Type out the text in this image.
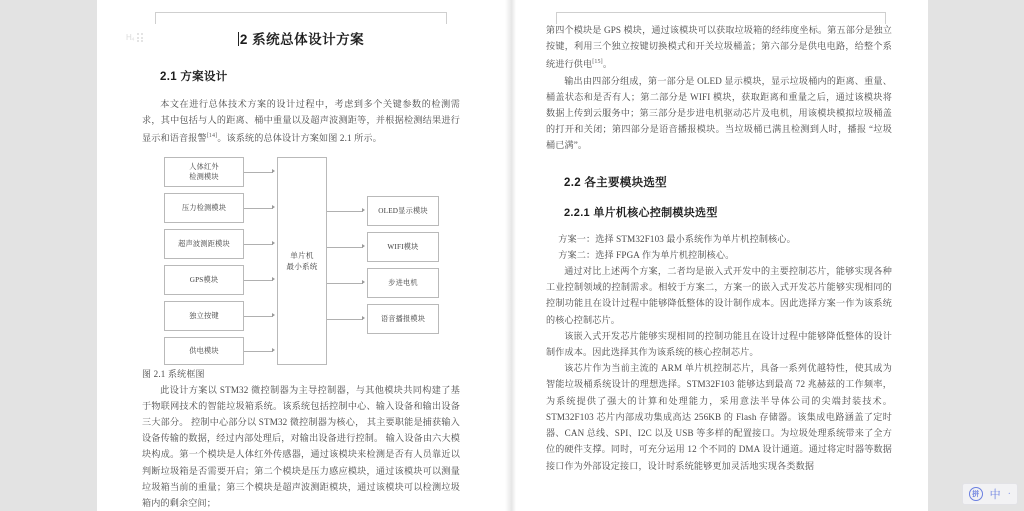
2 系统总体设计方案
2.1 方案设计

本文在进行总体技术方案的设计过程中，考虑到多个关键参数的检测需求，其中包括与人的距离、桶中重量以及超声波测距等，并根据检测结果进行显示和语音报警[14]。该系统的总体设计方案如图 2.1 所示。

人体红外
检测模块
压力检测模块
超声波测距模块
GPS模块
独立按键
供电模块
单片机
最小系统
OLED显示模块
WIFI模块
步进电机
语音播报模块

图 2.1 系统框图

此设计方案以 STM32 微控制器为主导控制器，与其他模块共同构建了基于物联网技术的智能垃圾箱系统。该系统包括控制中心、输入设备和输出设备三大部分。 控制中心部分以 STM32 微控制器为核心， 其主要职能是捕获输入设备传输的数据，经过内部处理后，对输出设备进行控制。 输入设备由六大模块构成。第一个模块是人体红外传感器，通过该模块来检测是否有人员靠近以判断垃圾箱是否需要开启；第二个模块是压力感应模块，通过该模块可以测量垃圾箱当前的重量；第三个模块是超声波测距模块，通过该模块可以检测垃圾箱内的剩余空间；

第四个模块是 GPS 模块，通过该模块可以获取垃圾箱的经纬度坐标。第五部分是独立按键，利用三个独立按键切换模式和开关垃圾桶盖；第六部分是供电电路，给整个系统进行供电[15]。

输出由四部分组成，第一部分是 OLED 显示模块，显示垃圾桶内的距离、重量、桶盖状态和是否有人；第二部分是 WIFI 模块，获取距离和重量之后，通过该模块将数据上传到云服务中；第三部分是步进电机驱动芯片及电机，用该模块模拟垃圾桶盖的打开和关闭；第四部分是语音播报模块。当垃圾桶已满且检测到人时，播报 “垃圾桶已满”。

2.2 各主要模块选型
2.2.1 单片机核心控制模块选型

方案一：选择 STM32F103 最小系统作为单片机控制核心。

方案二：选择 FPGA 作为单片机控制核心。

通过对比上述两个方案，二者均是嵌入式开发中的主要控制芯片，能够实现各种工业控制领域的控制需求。相较于方案二，方案一的嵌入式开发芯片能够实现相同的控制功能且在设计过程中能够降低整体的设计制作成本。因此选择方案一作为该系统的核心控制芯片。

该嵌入式开发芯片能够实现相同的控制功能且在设计过程中能够降低整体的设计制作成本。因此选择其作为该系统的核心控制芯片。

该芯片作为当前主流的 ARM 单片机控制芯片，具备一系列优越特性，使其成为智能垃圾桶系统设计的理想选择。STM32F103 能够达到最高 72 兆赫兹的工作频率，为系统提供了强大的计算和处理能力，采用意法半导体公司的尖端封装技术。STM32F103 芯片内部成功集成高达 256KB 的 Flash 存储器。该集成电路涵盖了定时器、CAN 总线、SPI、I2C 以及 USB 等多样的配置接口。为垃圾处理系统带来了全方位的硬件支撑。同时，可充分运用 12 个不同的 DMA 设计通道。通过将定时器等数据接口作为外部设定接口，设计时系统能够更加灵活地实现各类数据

H₄
拼 中 ·
